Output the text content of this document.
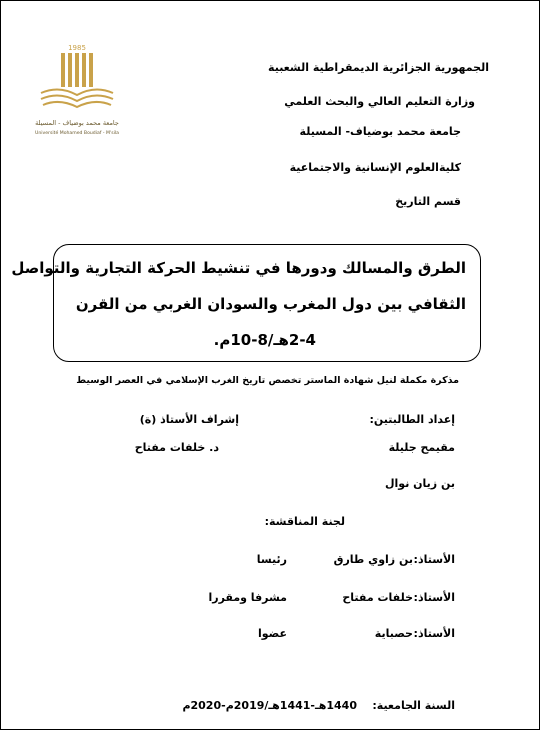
1985
جامعة محمد بوضياف - المسيلة
Université Mohamed Boudiaf - M'sila
الجمهورية الجزائرية الديمقراطية الشعبية
وزارة التعليم العالي والبحث العلمي
جامعة محمد بوضياف- المسيلة
كليةالعلوم الإنسانية والاجتماعية
قسم التاريخ
الطرق والمسالك ودورها في تنشيط الحركة التجارية والتواصل
الثقافي بين دول المغرب والسودان الغربي من القرن
2-4هـ/8-10م.
مذكرة مكملة لنيل شهادة الماستر تخصص تاريخ الغرب الإسلامي في العصر الوسيط
إعداد الطالبتين:
إشراف الأستاذ (ة)
مقيمح جليلة
د. خلفات مفتاح
بن زيان نوال
لجنة المناقشة:
الأستاذ:
بن زاوي طارق
رئيسا
الأستاذ:
خلفات مفتاح
مشرفا ومقررا
الأستاذ:
حصباية
عضوا
السنة الجامعية:
1440هـ-1441هـ/2019م-2020م
